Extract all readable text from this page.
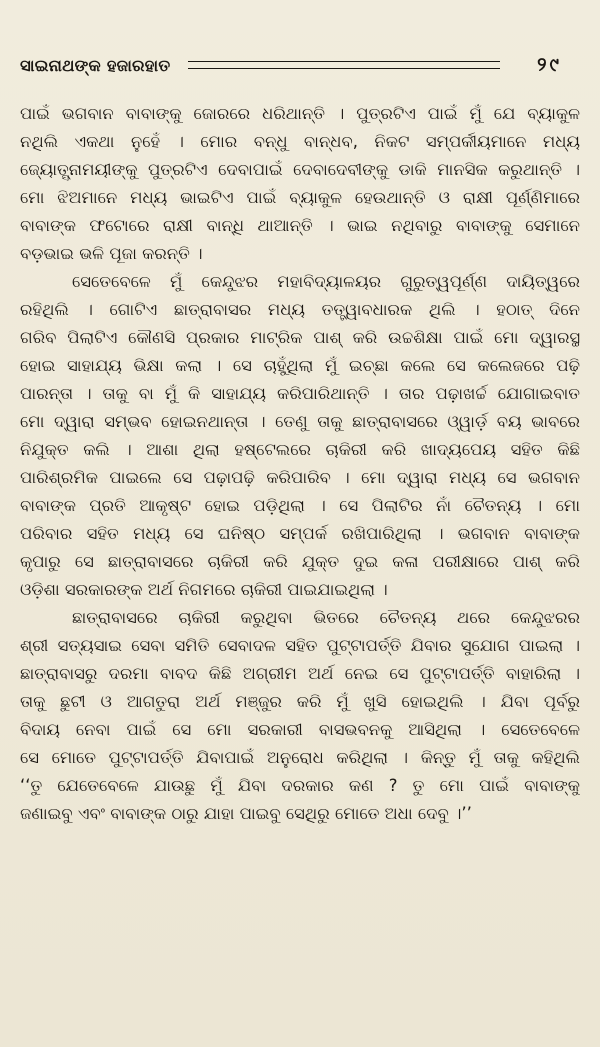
ସାଇନାଥଙ୍କ ହଜାରହାତ	୨୯
ପାଇଁ ଭଗବାନ ବାବାଙ୍କୁ ଜୋରରେ ଧରିଥାନ୍ତି । ପୁତ୍ରଟିଏ ପାଇଁ ମୁଁ ଯେ ବ୍ୟାକୁଳ
ନଥିଲି ଏକଥା ନୁହେଁ । ମୋର ବନ୍ଧୁ ବାନ୍ଧବ, ନିକଟ ସମ୍ପର୍କୀୟମାନେ ମଧ୍ୟ
ଜ୍ୟୋତ୍ସ୍ନାମୟୀଙ୍କୁ ପୁତ୍ରଟିଏ ଦେବାପାଇଁ ଦେବାଦେବୀଙ୍କୁ ଡାକି ମାନସିକ କରୁଥାନ୍ତି ।
ମୋ ଝିଅମାନେ ମଧ୍ୟ ଭାଇଟିଏ ପାଇଁ ବ୍ୟାକୁଳ ହେଉଥାନ୍ତି ଓ ରାକ୍ଷୀ ପୂର୍ଣ୍ଣିମାରେ
ବାବାଙ୍କ ଫଟୋରେ ରାକ୍ଷୀ ବାନ୍ଧି ଥାଆନ୍ତି । ଭାଇ ନଥିବାରୁ ବାବାଙ୍କୁ ସେମାନେ
ବଡ଼ଭାଇ ଭଳି ପୂଜା କରନ୍ତି ।
ସେତେବେଳେ ମୁଁ କେନ୍ଦୁଝର ମହାବିଦ୍ୟାଳୟର ଗୁରୁତ୍ୱପୂର୍ଣ୍ଣ ଦାୟିତ୍ୱରେ
ରହିଥିଲି । ଗୋଟିଏ ଛାତ୍ରାବାସର ମଧ୍ୟ ତତ୍ତ୍ୱାବଧାରକ ଥିଲି । ହଠାତ୍ ଦିନେ
ଗରିବ ପିଲାଟିଏ କୌଣସି ପ୍ରକାର ମାଟ୍ରିକ ପାଶ୍ କରି ଉଚ୍ଚଶିକ୍ଷା ପାଇଁ ମୋ ଦ୍ୱାରସ୍ଥ
ହୋଇ ସାହାଯ୍ୟ ଭିକ୍ଷା କଲା । ସେ ଚାହୁଁଥିଲା ମୁଁ ଇଚ୍ଛା କଲେ ସେ କଲେଜରେ ପଢ଼ି
ପାରନ୍ତା । ତାକୁ ବା ମୁଁ କି ସାହାଯ୍ୟ କରିପାରିଥାନ୍ତି । ତାର ପଢ଼ାଖର୍ଚ୍ଚ ଯୋଗାଇବାତ
ମୋ ଦ୍ୱାରା ସମ୍ଭବ ହୋଇନଥାନ୍ତା । ତେଣୁ ତାକୁ ଛାତ୍ରାବାସରେ ଓ୍ୱାର୍ଡ଼ ବୟ ଭାବରେ
ନିଯୁକ୍ତ କଲି । ଆଶା ଥିଲା ହଷ୍ଟେଲରେ ଚାକିରୀ କରି ଖାଦ୍ୟପେୟ ସହିତ କିଛି
ପାରିଶ୍ରମିକ ପାଇଲେ ସେ ପଢ଼ାପଢ଼ି କରିପାରିବ । ମୋ ଦ୍ୱାରା ମଧ୍ୟ ସେ ଭଗବାନ
ବାବାଙ୍କ ପ୍ରତି ଆକୃଷ୍ଟ ହୋଇ ପଡ଼ିଥିଲା । ସେ ପିଲାଟିର ନାଁ ଚୈତନ୍ୟ । ମୋ
ପରିବାର ସହିତ ମଧ୍ୟ ସେ ଘନିଷ୍ଠ ସମ୍ପର୍କ ରଖିପାରିଥିଲା । ଭଗବାନ ବାବାଙ୍କ
କୃପାରୁ ସେ ଛାତ୍ରାବାସରେ ଚାକିରୀ କରି ଯୁକ୍ତ ଦୁଇ କଳା ପରୀକ୍ଷାରେ ପାଶ୍ କରି
ଓଡ଼ିଶା ସରକାରଙ୍କ ଅର୍ଥ ନିଗମରେ ଚାକିରୀ ପାଇଯାଇଥିଲା ।
ଛାତ୍ରାବାସରେ ଚାକିରୀ କରୁଥିବା ଭିତରେ ଚୈତନ୍ୟ ଥରେ କେନ୍ଦୁଝରର
ଶ୍ରୀ ସତ୍ୟସାଇ ସେବା ସମିତି ସେବାଦଳ ସହିତ ପୁଟ୍ଟାପର୍ତ୍ତି ଯିବାର ସୁଯୋଗ ପାଇଲା ।
ଛାତ୍ରାବାସରୁ ଦରମା ବାବଦ କିଛି ଅଗ୍ରୀମ ଅର୍ଥ ନେଇ ସେ ପୁଟ୍ଟାପର୍ତ୍ତି ବାହାରିଲା ।
ତାକୁ ଛୁଟୀ ଓ ଆଗତୁରା ଅର୍ଥ ମଞ୍ଜୁର କରି ମୁଁ ଖୁସି ହୋଇଥିଲି । ଯିବା ପୂର୍ବରୁ
ବିଦାୟ ନେବା ପାଇଁ ସେ ମୋ ସରକାରୀ ବାସଭବନକୁ ଆସିଥିଲା । ସେତେବେଳେ
ସେ ମୋତେ ପୁଟ୍ଟାପର୍ତ୍ତି ଯିବାପାଇଁ ଅନୁରୋଧ କରିଥିଲା । କିନ୍ତୁ ମୁଁ ତାକୁ କହିଥିଲି
‘‘ତୁ ଯେତେବେଳେ ଯାଉଛୁ ମୁଁ ଯିବା ଦରକାର କଣ ? ତୁ ମୋ ପାଇଁ ବାବାଙ୍କୁ
ଜଣାଇବୁ ଏବଂ ବାବାଙ୍କ ଠାରୁ ଯାହା ପାଇବୁ ସେଥିରୁ ମୋତେ ଅଧା ଦେବୁ ।’’
